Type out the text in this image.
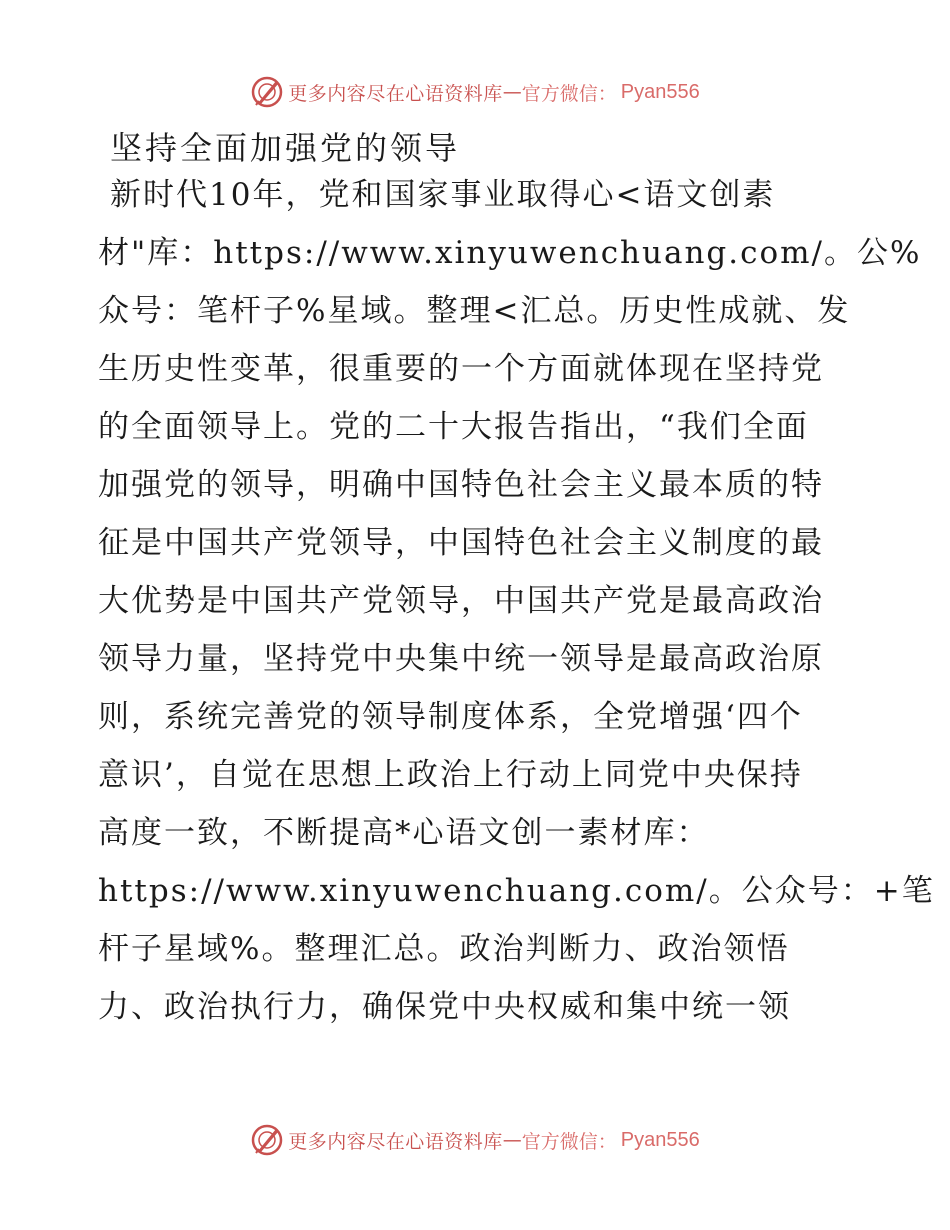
更多内容尽在心语资料库 — 官方微信： Pyan556
坚持全面加强党的领导
新时代10年，党和国家事业取得心<语文创素
材"库：https://www.xinyuwenchuang.com/。公%
众号：笔杆子%星域。整理<汇总。历史性成就、发
生历史性变革，很重要的一个方面就体现在坚持党
的全面领导上。党的二十大报告指出，“我们全面
加强党的领导，明确中国特色社会主义最本质的特
征是中国共产党领导，中国特色社会主义制度的最
大优势是中国共产党领导，中国共产党是最高政治
领导力量，坚持党中央集中统一领导是最高政治原
则，系统完善党的领导制度体系，全党增强‘四个
意识’，自觉在思想上政治上行动上同党中央保持
高度一致，不断提高*心语文创一素材库：
https://www.xinyuwenchuang.com/。公众号：+笔
杆子星域%。整理汇总。政治判断力、政治领悟
力、政治执行力，确保党中央权威和集中统一领
更多内容尽在心语资料库 — 官方微信： Pyan556
